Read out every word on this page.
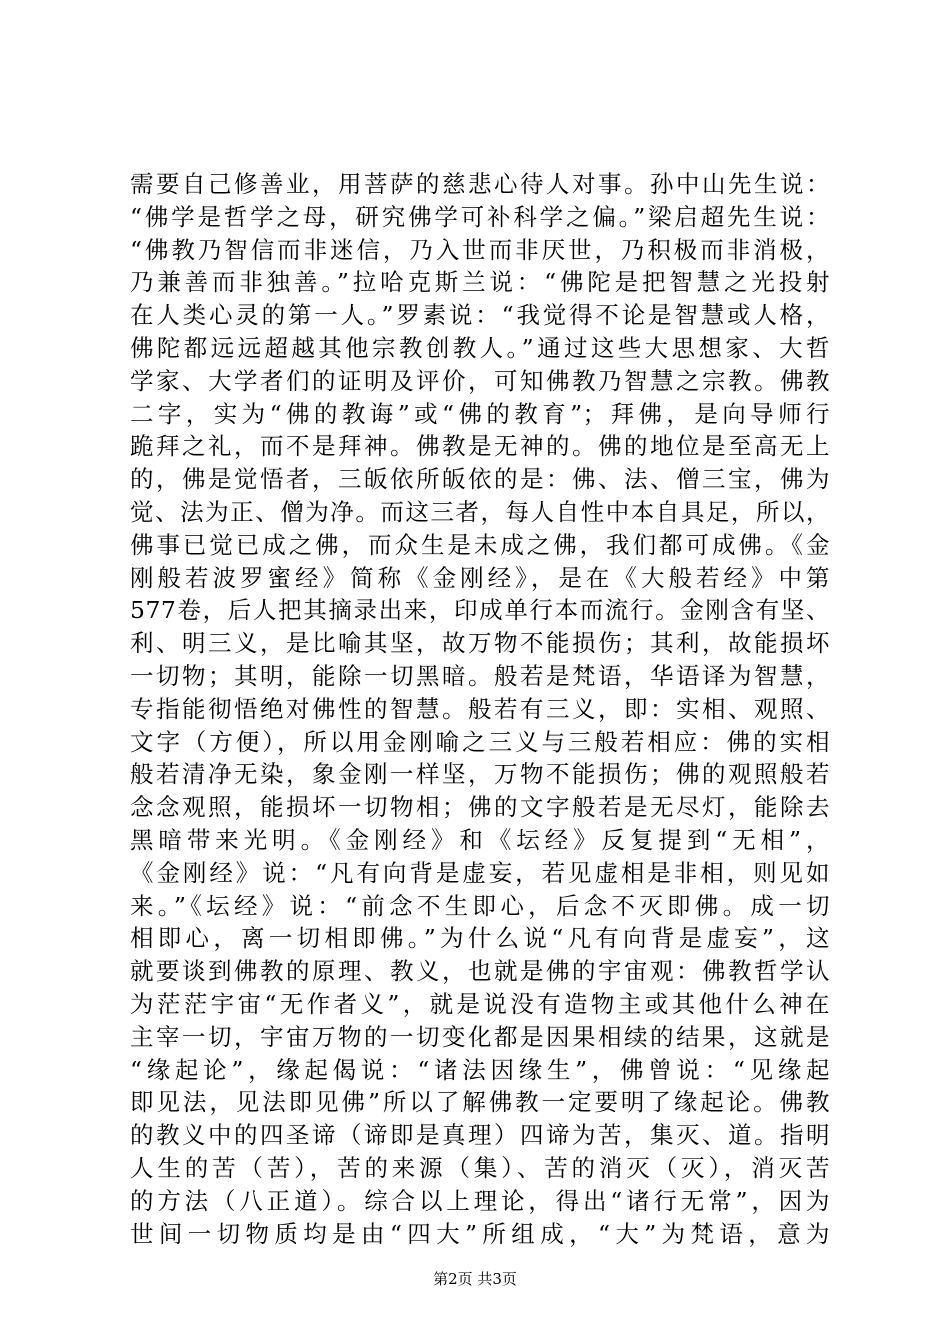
需要自己修善业，用菩萨的慈悲心待人对事。孙中山先生说：
“佛学是哲学之母，研究佛学可补科学之偏。”梁启超先生说：
“佛教乃智信而非迷信，乃入世而非厌世，乃积极而非消极，
乃兼善而非独善。”拉哈克斯兰说：“佛陀是把智慧之光投射
在人类心灵的第一人。”罗素说：“我觉得不论是智慧或人格，
佛陀都远远超越其他宗教创教人。”通过这些大思想家、大哲
学家、大学者们的证明及评价，可知佛教乃智慧之宗教。佛教
二字，实为“佛的教诲”或“佛的教育”；拜佛，是向导师行
跪拜之礼，而不是拜神。佛教是无神的。佛的地位是至高无上
的，佛是觉悟者，三皈依所皈依的是：佛、法、僧三宝，佛为
觉、法为正、僧为净。而这三者，每人自性中本自具足，所以，
佛事已觉已成之佛，而众生是未成之佛，我们都可成佛。《金
刚般若波罗蜜经》简称《金刚经》，是在《大般若经》中第
577卷，后人把其摘录出来，印成单行本而流行。金刚含有坚、
利、明三义，是比喻其坚，故万物不能损伤；其利，故能损坏
一切物；其明，能除一切黑暗。般若是梵语，华语译为智慧，
专指能彻悟绝对佛性的智慧。般若有三义，即：实相、观照、
文字（方便），所以用金刚喻之三义与三般若相应：佛的实相
般若清净无染，象金刚一样坚，万物不能损伤；佛的观照般若
念念观照，能损坏一切物相；佛的文字般若是无尽灯，能除去
黑暗带来光明。《金刚经》和《坛经》反复提到“无相”，
《金刚经》说：“凡有向背是虚妄，若见虚相是非相，则见如
来。”《坛经》说：“前念不生即心，后念不灭即佛。成一切
相即心，离一切相即佛。”为什么说“凡有向背是虚妄”，这
就要谈到佛教的原理、教义，也就是佛的宇宙观：佛教哲学认
为茫茫宇宙“无作者义”，就是说没有造物主或其他什么神在
主宰一切，宇宙万物的一切变化都是因果相续的结果，这就是
“缘起论”，缘起偈说：“诸法因缘生”，佛曾说：“见缘起
即见法，见法即见佛”所以了解佛教一定要明了缘起论。佛教
的教义中的四圣谛（谛即是真理）四谛为苦，集灭、道。指明
人生的苦（苦），苦的来源（集）、苦的消灭（灭），消灭苦
的方法（八正道）。综合以上理论，得出“诸行无常”，因为
世间一切物质均是由“四大”所组成，“大”为梵语，意为
第2页 共3页
